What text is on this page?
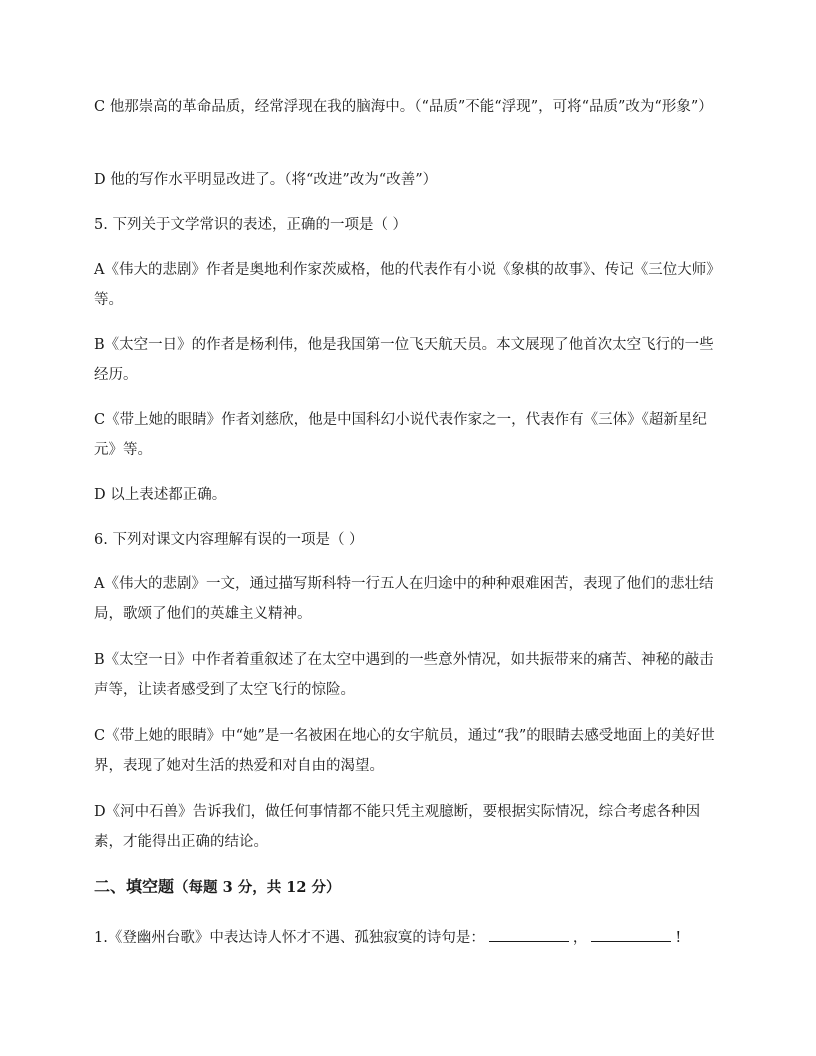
C 他那崇高的革命品质，经常浮现在我的脑海中。（“品质”不能“浮现”，可将“品质”改为“形象”）

D 他的写作水平明显改进了。（将“改进”改为“改善”）

5. 下列关于文学常识的表述，正确的一项是（ ）

A《伟大的悲剧》作者是奥地利作家茨威格，他的代表作有小说《象棋的故事》、传记《三位大师》等。

B《太空一日》的作者是杨利伟，他是我国第一位飞天航天员。本文展现了他首次太空飞行的一些经历。

C《带上她的眼睛》作者刘慈欣，他是中国科幻小说代表作家之一，代表作有《三体》《超新星纪元》等。

D 以上表述都正确。

6. 下列对课文内容理解有误的一项是（ ）

A《伟大的悲剧》一文，通过描写斯科特一行五人在归途中的种种艰难困苦，表现了他们的悲壮结局，歌颂了他们的英雄主义精神。

B《太空一日》中作者着重叙述了在太空中遇到的一些意外情况，如共振带来的痛苦、神秘的敲击声等，让读者感受到了太空飞行的惊险。

C《带上她的眼睛》中“她”是一名被困在地心的女宇航员，通过“我”的眼睛去感受地面上的美好世界，表现了她对生活的热爱和对自由的渴望。

D《河中石兽》告诉我们，做任何事情都不能只凭主观臆断，要根据实际情况，综合考虑各种因素，才能得出正确的结论。

二、填空题（每题 3 分，共 12 分）

1.《登幽州台歌》中表达诗人怀才不遇、孤独寂寞的诗句是：	，	!
